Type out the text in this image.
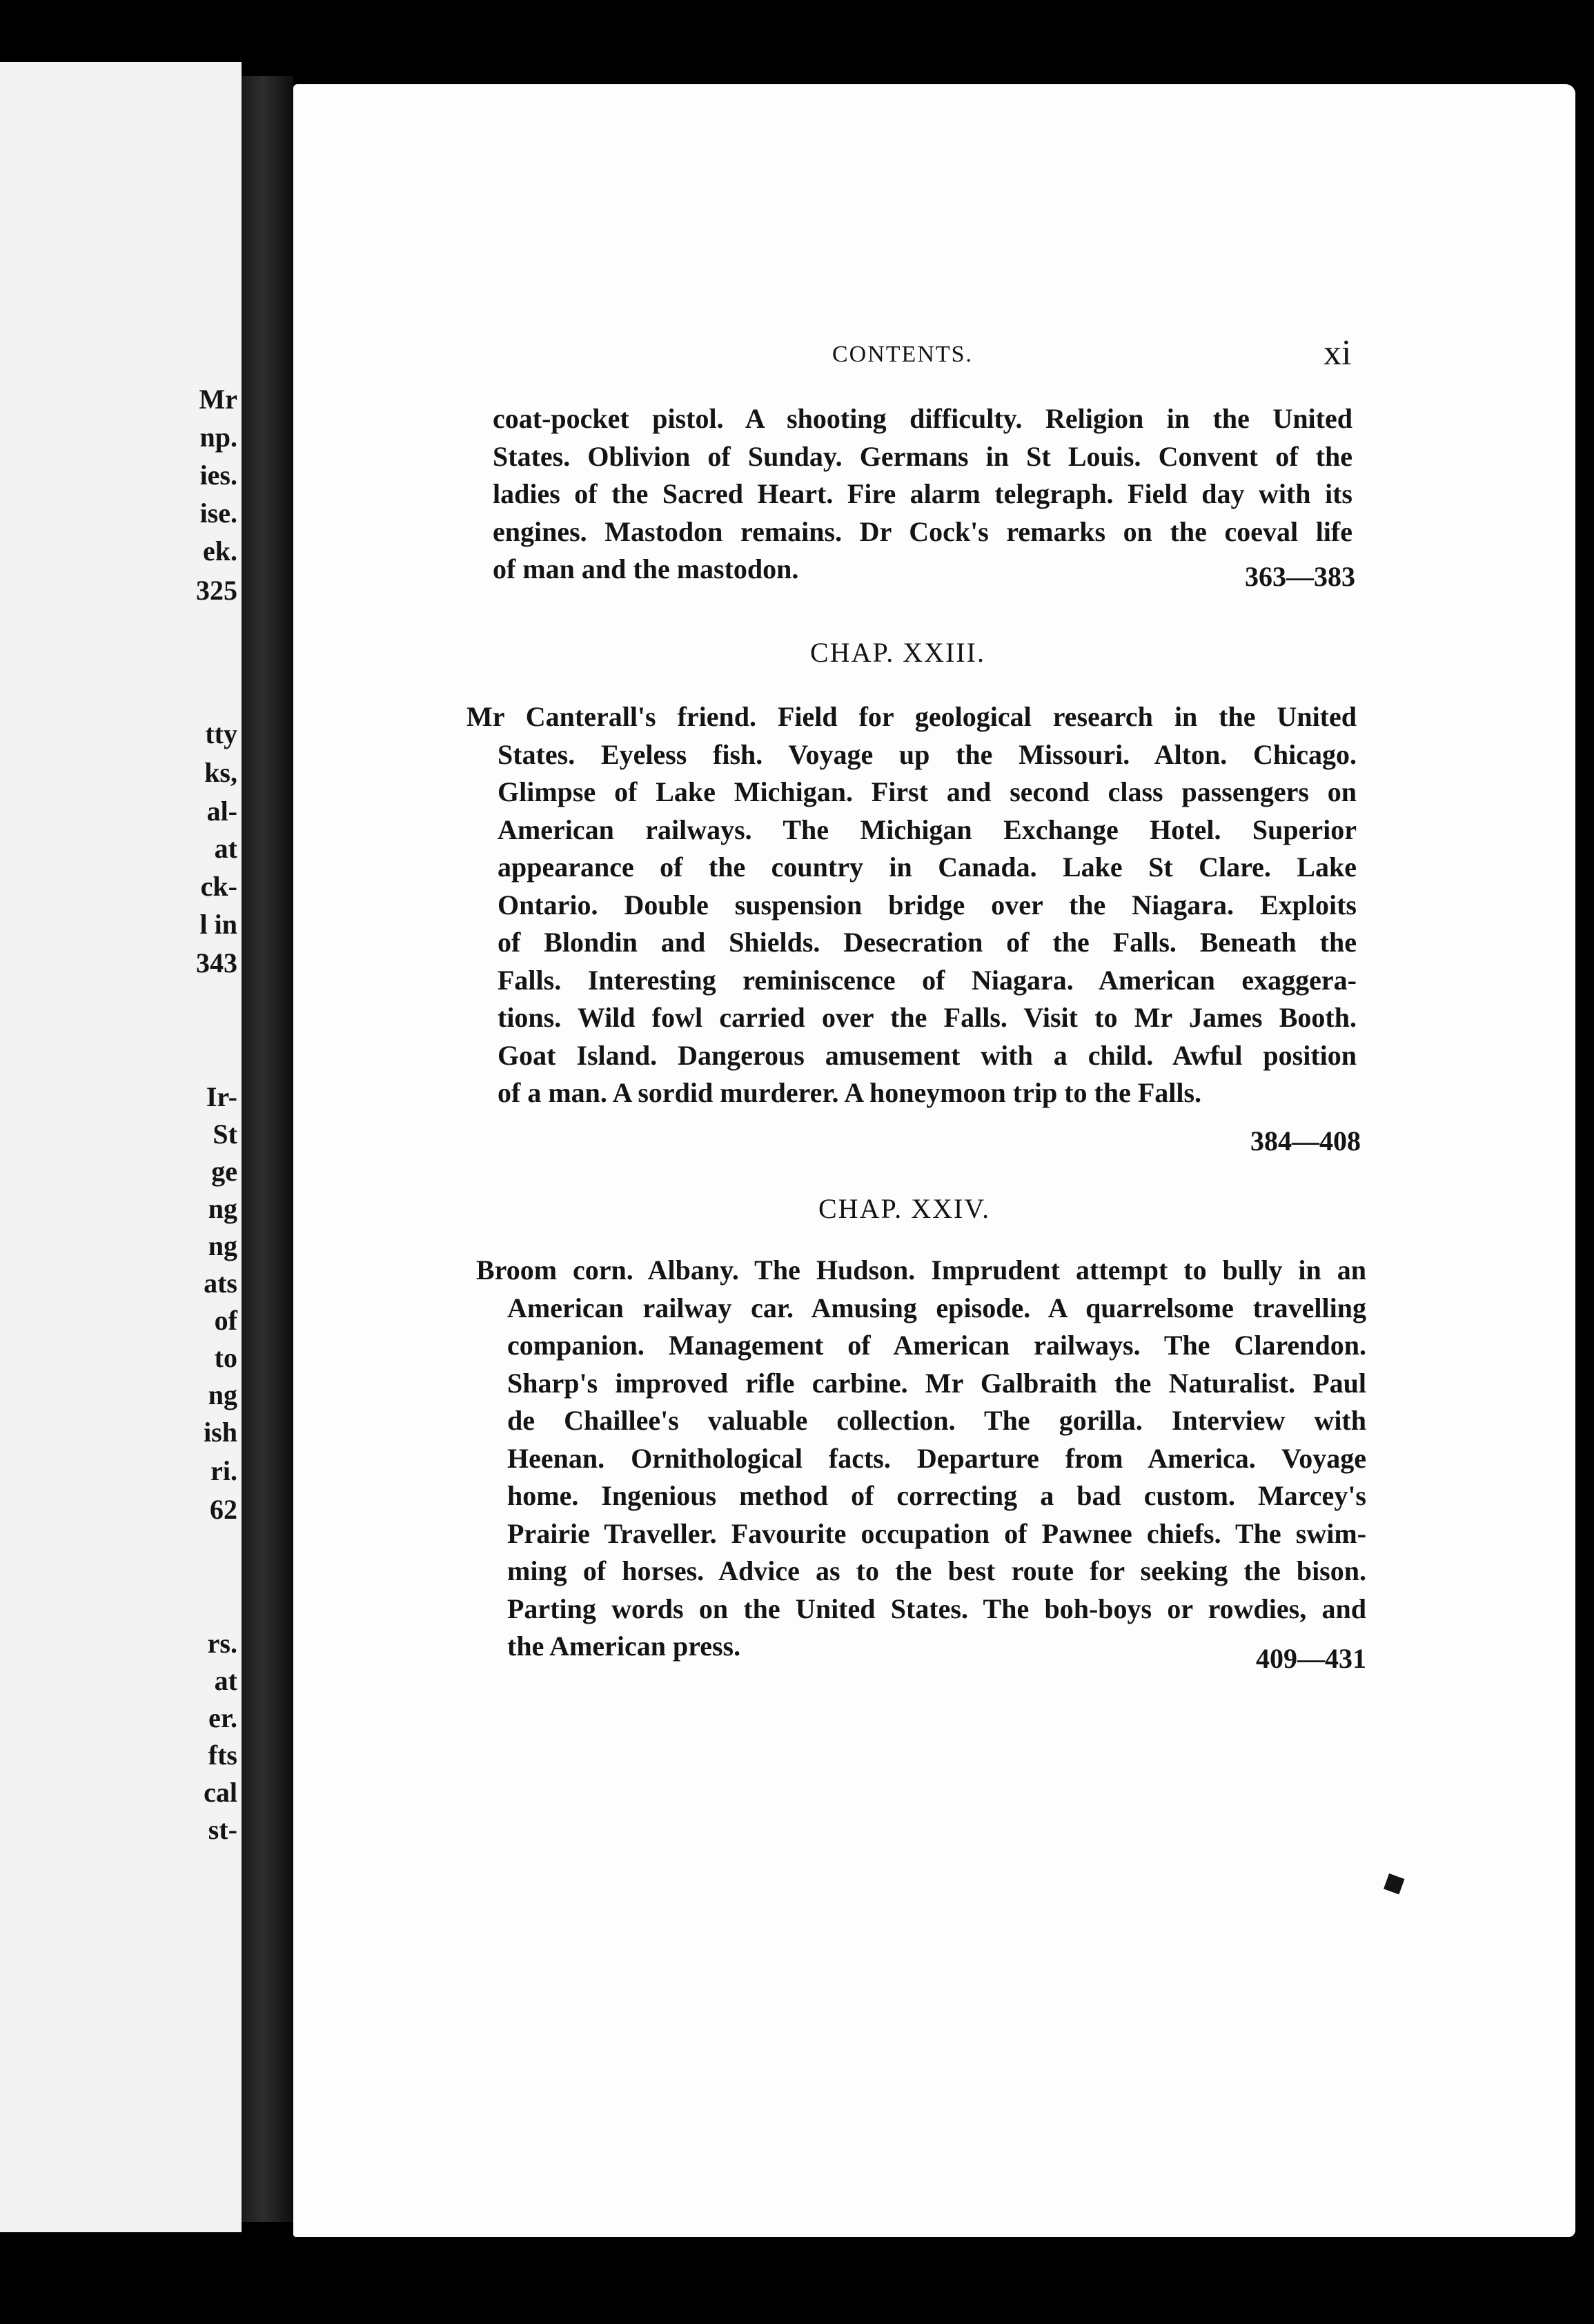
Mr
np.
ies.
ise.
ek.
325
tty
ks,
al-
at
ck-
l in
343
Ir-
St
ge
ng
ng
ats
of
to
ng
ish
ri.
62
rs.
at
er.
fts
cal
st-
CONTENTS.	xi
coat-pocket pistol. A shooting difficulty. Religion in the United
States. Oblivion of Sunday. Germans in St Louis. Convent of the
ladies of the Sacred Heart. Fire alarm telegraph. Field day with its
engines. Mastodon remains. Dr Cock's remarks on the coeval life
of man and the mastodon.	363—383
CHAP. XXIII.
Mr Canterall's friend. Field for geological research in the United
States. Eyeless fish. Voyage up the Missouri. Alton. Chicago.
Glimpse of Lake Michigan. First and second class passengers on
American railways. The Michigan Exchange Hotel. Superior
appearance of the country in Canada. Lake St Clare. Lake
Ontario. Double suspension bridge over the Niagara. Exploits
of Blondin and Shields. Desecration of the Falls. Beneath the
Falls. Interesting reminiscence of Niagara. American exaggera-
tions. Wild fowl carried over the Falls. Visit to Mr James Booth.
Goat Island. Dangerous amusement with a child. Awful position
of a man. A sordid murderer. A honeymoon trip to the Falls.
384—408
CHAP. XXIV.
Broom corn. Albany. The Hudson. Imprudent attempt to bully in an
American railway car. Amusing episode. A quarrelsome travelling
companion. Management of American railways. The Clarendon.
Sharp's improved rifle carbine. Mr Galbraith the Naturalist. Paul
de Chaillee's valuable collection. The gorilla. Interview with
Heenan. Ornithological facts. Departure from America. Voyage
home. Ingenious method of correcting a bad custom. Marcey's
Prairie Traveller. Favourite occupation of Pawnee chiefs. The swim-
ming of horses. Advice as to the best route for seeking the bison.
Parting words on the United States. The boh-boys or rowdies, and
the American press.	409—431
◆
